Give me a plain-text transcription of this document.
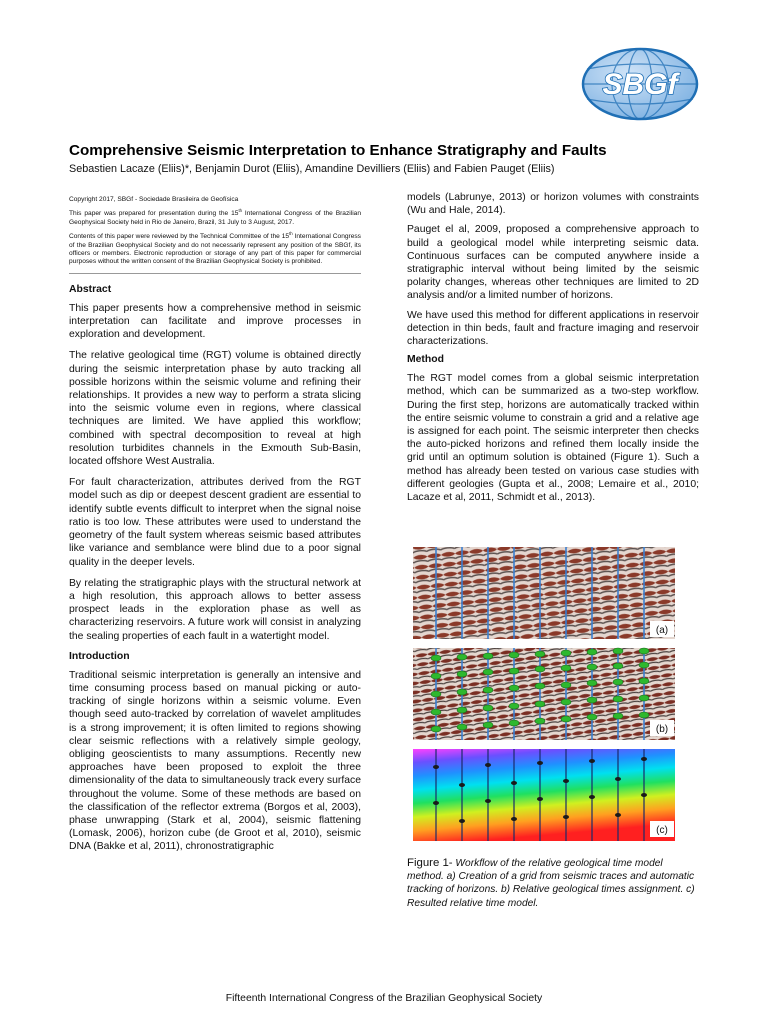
SBGf
Comprehensive Seismic Interpretation to Enhance Stratigraphy and Faults

Sebastien Lacaze (Eliis)*, Benjamin Durot (Eliis), Amandine Devilliers (Eliis) and Fabien Pauget (Eliis)

Copyright 2017, SBGf - Sociedade Brasileira de Geofísica

This paper was prepared for presentation during the 15th International Congress of the Brazilian Geophysical Society held in Rio de Janeiro, Brazil, 31 July to 3 August, 2017.

Contents of this paper were reviewed by the Technical Committee of the 15th International Congress of the Brazilian Geophysical Society and do not necessarily represent any position of the SBGf, its officers or members. Electronic reproduction or storage of any part of this paper for commercial purposes without the written consent of the Brazilian Geophysical Society is prohibited.

Abstract

This paper presents how a comprehensive method in seismic interpretation can facilitate and improve processes in exploration and development.

The relative geological time (RGT) volume is obtained directly during the seismic interpretation phase by auto tracking all possible horizons within the seismic volume and refining their relationships. It provides a new way to perform a strata slicing into the seismic volume even in regions, where classical techniques are limited. We have applied this workflow; combined with spectral decomposition to reveal at high resolution turbidites channels in the Exmouth Sub-Basin, located offshore West Australia.

For fault characterization, attributes derived from the RGT model such as dip or deepest descent gradient are essential to identify subtle events difficult to interpret when the signal noise ratio is too low. These attributes were used to understand the geometry of the fault system whereas seismic based attributes like variance and semblance were blind due to a poor signal quality in the deeper levels.

By relating the stratigraphic plays with the structural network at a high resolution, this approach allows to better assess prospect leads in the exploration phase as well as characterizing reservoirs. A future work will consist in analyzing the sealing properties of each fault in a watertight model.

Introduction

Traditional seismic interpretation is generally an intensive and time consuming process based on manual picking or auto-tracking of single horizons within a seismic volume. Even though seed auto-tracked by correlation of wavelet amplitudes is a strong improvement; it is often limited to regions showing clear seismic reflections with a relatively simple geology, obliging geoscientists to many assumptions. Recently new approaches have been proposed to exploit the three dimensionality of the data to simultaneously track every surface throughout the volume. Some of these methods are based on the classification of the reflector extrema (Borgos et al, 2003), phase unwrapping (Stark et al, 2004), seismic flattening (Lomask, 2006), horizon cube (de Groot et al, 2010), seismic DNA (Bakke et al, 2011), chronostratigraphic

models (Labrunye, 2013) or horizon volumes with constraints (Wu and Hale, 2014).

Pauget el al, 2009, proposed a comprehensive approach to build a geological model while interpreting seismic data. Continuous surfaces can be computed anywhere inside a stratigraphic interval without being limited by the seismic polarity changes, whereas other techniques are limited to 2D analysis and/or a limited number of horizons.

We have used this method for different applications in reservoir detection in thin beds, fault and fracture imaging and reservoir characterizations.

Method

The RGT model comes from a global seismic interpretation method, which can be summarized as a two-step workflow. During the first step, horizons are automatically tracked within the entire seismic volume to constrain a grid and a relative age is assigned for each point. The seismic interpreter then checks the auto-picked horizons and refined them locally inside the grid until an optimum solution is obtained (Figure 1). Such a method has already been tested on various case studies with different geologies (Gupta et al., 2008; Lemaire et al., 2010; Lacaze et al, 2011, Schmidt et al., 2013).

(a)
(b)
(c)

Figure 1- Workflow of the relative geological time model method. a) Creation of a grid from seismic traces and automatic tracking of horizons. b) Relative geological times assignment. c) Resulted relative time model.

Fifteenth International Congress of the Brazilian Geophysical Society
